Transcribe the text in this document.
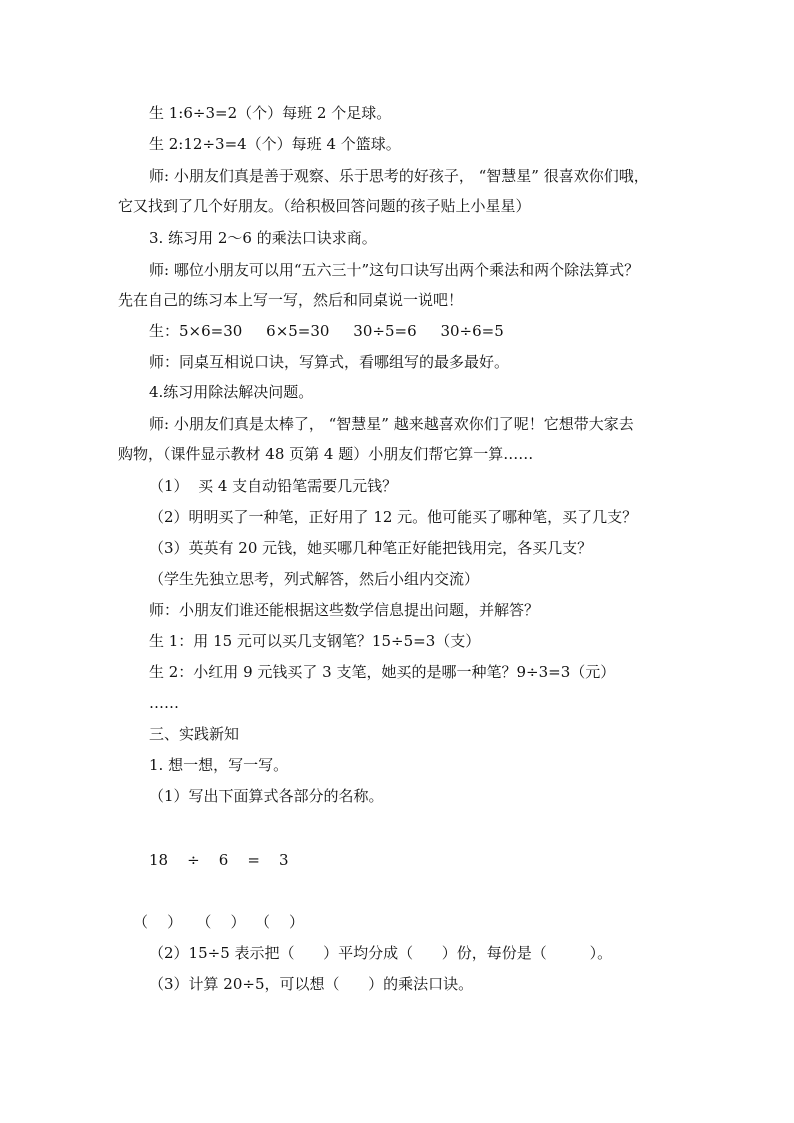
生 1:6÷3=2（个）每班 2 个足球。
生 2:12÷3=4（个）每班 4 个篮球。
师: 小朋友们真是善于观察、乐于思考的好孩子， “智慧星” 很喜欢你们哦，
它又找到了几个好朋友。（给积极回答问题的孩子贴上小星星）
3. 练习用 2～6 的乘法口诀求商。
师: 哪位小朋友可以用“五六三十”这句口诀写出两个乘法和两个除法算式？
先在自己的练习本上写一写，然后和同桌说一说吧！
生：5×6=30     6×5=30     30÷5=6     30÷6=5
师：同桌互相说口诀，写算式，看哪组写的最多最好。
4.练习用除法解决问题。
师: 小朋友们真是太棒了， “智慧星” 越来越喜欢你们了呢！它想带大家去
购物，（课件显示教材 48 页第 4 题）小朋友们帮它算一算……
（1）  买 4 支自动铅笔需要几元钱？
（2）明明买了一种笔，正好用了 12 元。他可能买了哪种笔，买了几支？
（3）英英有 20 元钱，她买哪几种笔正好能把钱用完，各买几支？
（学生先独立思考，列式解答，然后小组内交流）
师：小朋友们谁还能根据这些数学信息提出问题，并解答？
生 1：用 15 元可以买几支钢笔？15÷5=3（支）
生 2：小红用 9 元钱买了 3 支笔，她买的是哪一种笔？9÷3=3（元）
……
三、实践新知
1. 想一想，写一写。
（1）写出下面算式各部分的名称。
18    ÷    6    =    3
（    ）   （    ）  （    ）
（2）15÷5 表示把（      ）平均分成（      ）份，每份是（         ）。
（3）计算 20÷5，可以想（      ）的乘法口诀。
